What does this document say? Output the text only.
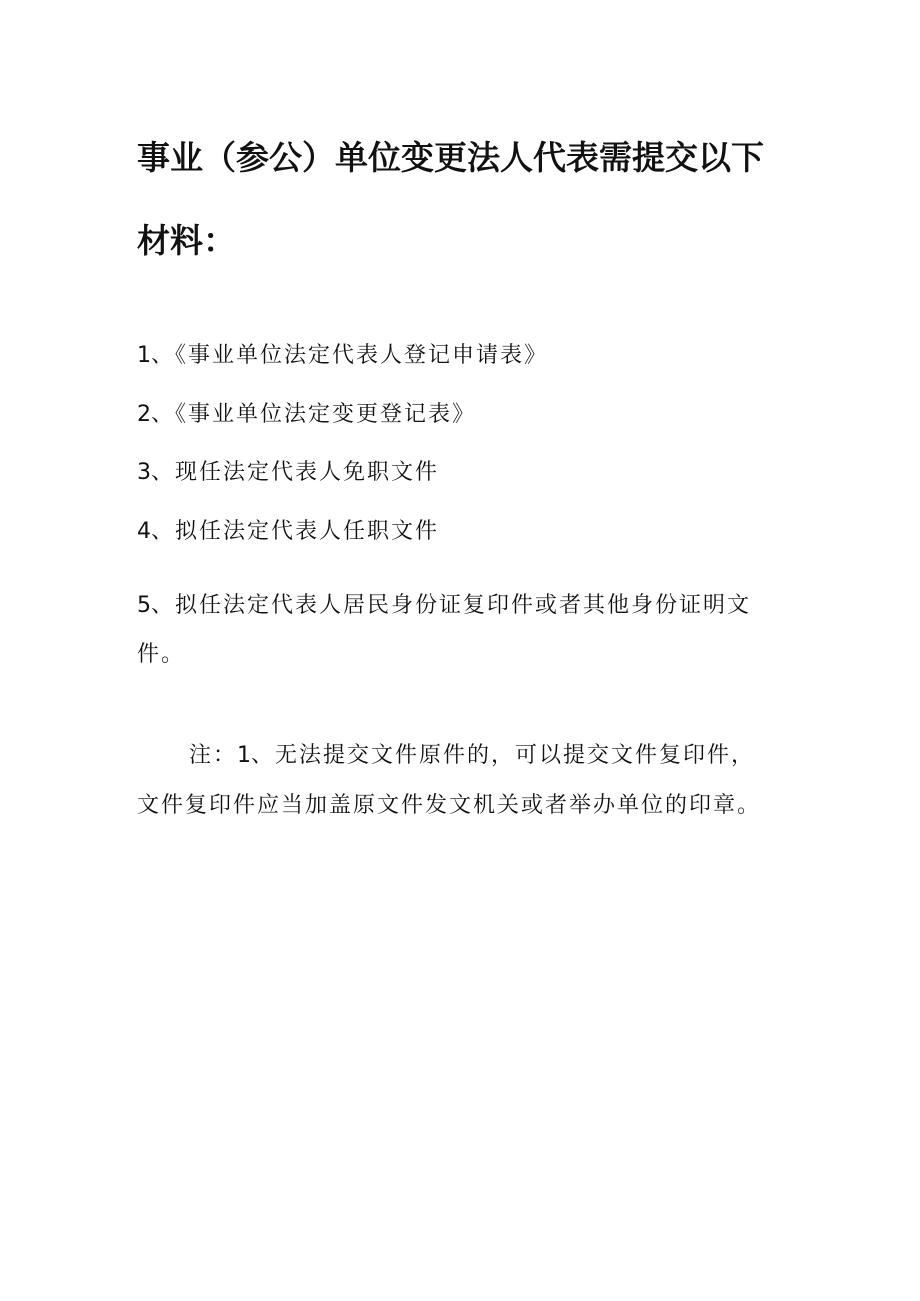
事业（参公）单位变更法人代表需提交以下
材料：
1、《事业单位法定代表人登记申请表》
2、《事业单位法定变更登记表》
3、现任法定代表人免职文件
4、拟任法定代表人任职文件
5、拟任法定代表人居民身份证复印件或者其他身份证明文
件。
注：1、无法提交文件原件的，可以提交文件复印件，
文件复印件应当加盖原文件发文机关或者举办单位的印章。
